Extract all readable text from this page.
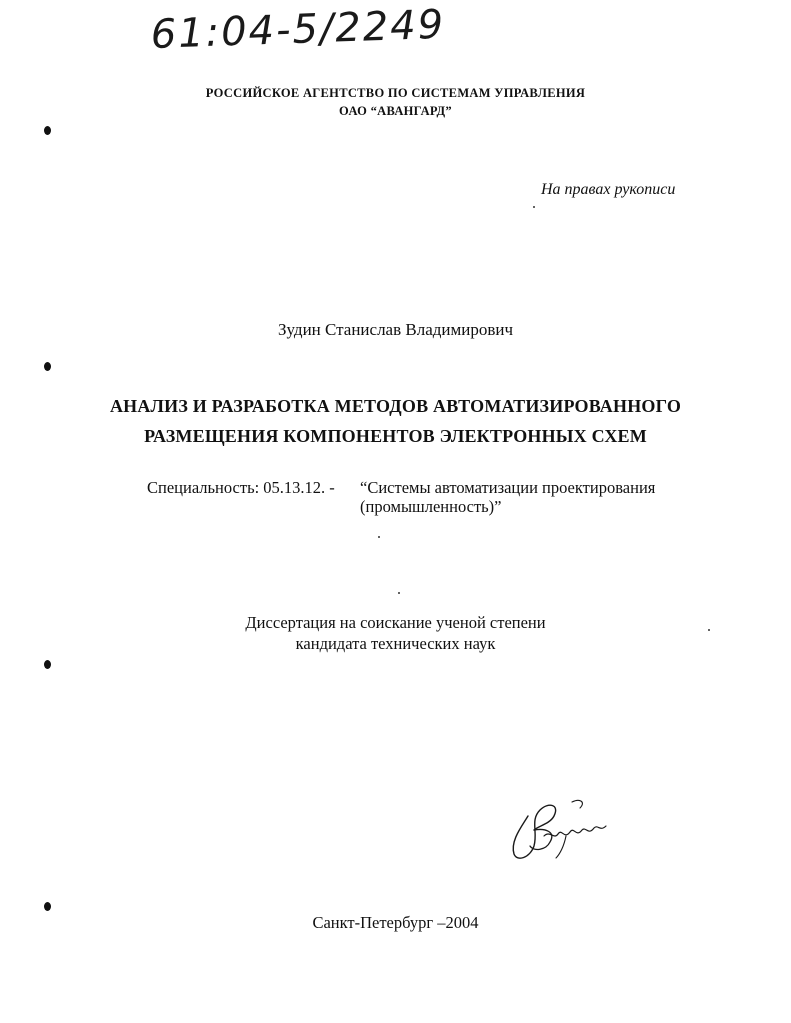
61:04-5/2249
РОССИЙСКОЕ АГЕНТСТВО ПО СИСТЕМАМ УПРАВЛЕНИЯ
ОАО “АВАНГАРД”
На правах рукописи
Зудин Станислав Владимирович
АНАЛИЗ И РАЗРАБОТКА МЕТОДОВ АВТОМАТИЗИРОВАННОГО
РАЗМЕЩЕНИЯ КОМПОНЕНТОВ ЭЛЕКТРОННЫХ СХЕМ
Специальность: 05.13.12. - “Системы автоматизации проектирования
(промышленность)”
Диссертация на соискание ученой степени
кандидата технических наук
Санкт-Петербург –2004
